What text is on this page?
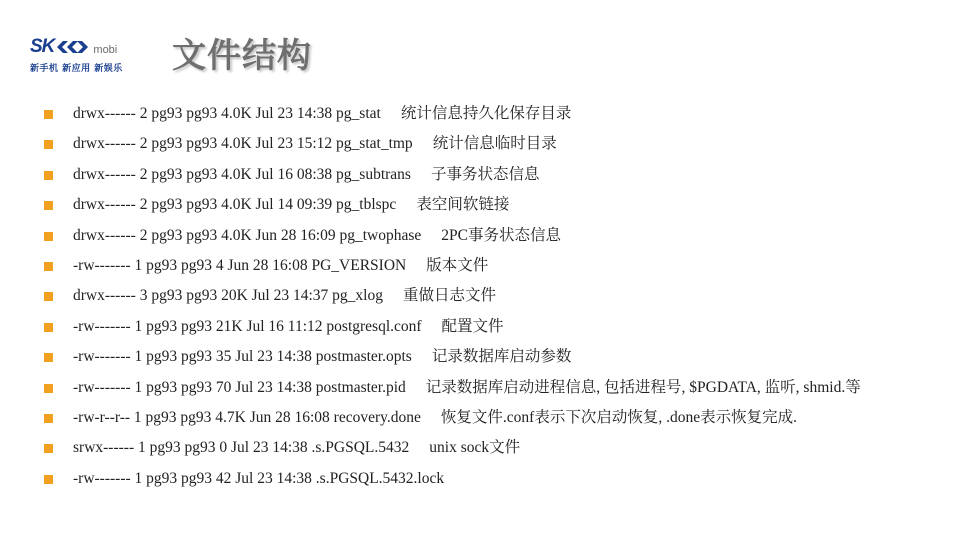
SK	mobi
新手机 新应用 新娱乐	文件结构
drwx------ 2 pg93 pg93 4.0K Jul 23 14:38 pg_stat 统计信息持久化保存目录
drwx------ 2 pg93 pg93 4.0K Jul 23 15:12 pg_stat_tmp 统计信息临时目录
drwx------ 2 pg93 pg93 4.0K Jul 16 08:38 pg_subtrans 子事务状态信息
drwx------ 2 pg93 pg93 4.0K Jul 14 09:39 pg_tblspc 表空间软链接
drwx------ 2 pg93 pg93 4.0K Jun 28 16:09 pg_twophase 2PC事务状态信息
-rw------- 1 pg93 pg93 4 Jun 28 16:08 PG_VERSION 版本文件
drwx------ 3 pg93 pg93 20K Jul 23 14:37 pg_xlog 重做日志文件
-rw------- 1 pg93 pg93 21K Jul 16 11:12 postgresql.conf 配置文件
-rw------- 1 pg93 pg93 35 Jul 23 14:38 postmaster.opts 记录数据库启动参数
-rw------- 1 pg93 pg93 70 Jul 23 14:38 postmaster.pid 记录数据库启动进程信息, 包括进程号, $PGDATA, 监听, shmid.等
-rw-r--r-- 1 pg93 pg93 4.7K Jun 28 16:08 recovery.done 恢复文件.conf表示下次启动恢复, .done表示恢复完成.
srwx------ 1 pg93 pg93 0 Jul 23 14:38 .s.PGSQL.5432 unix sock文件
-rw------- 1 pg93 pg93 42 Jul 23 14:38 .s.PGSQL.5432.lock
